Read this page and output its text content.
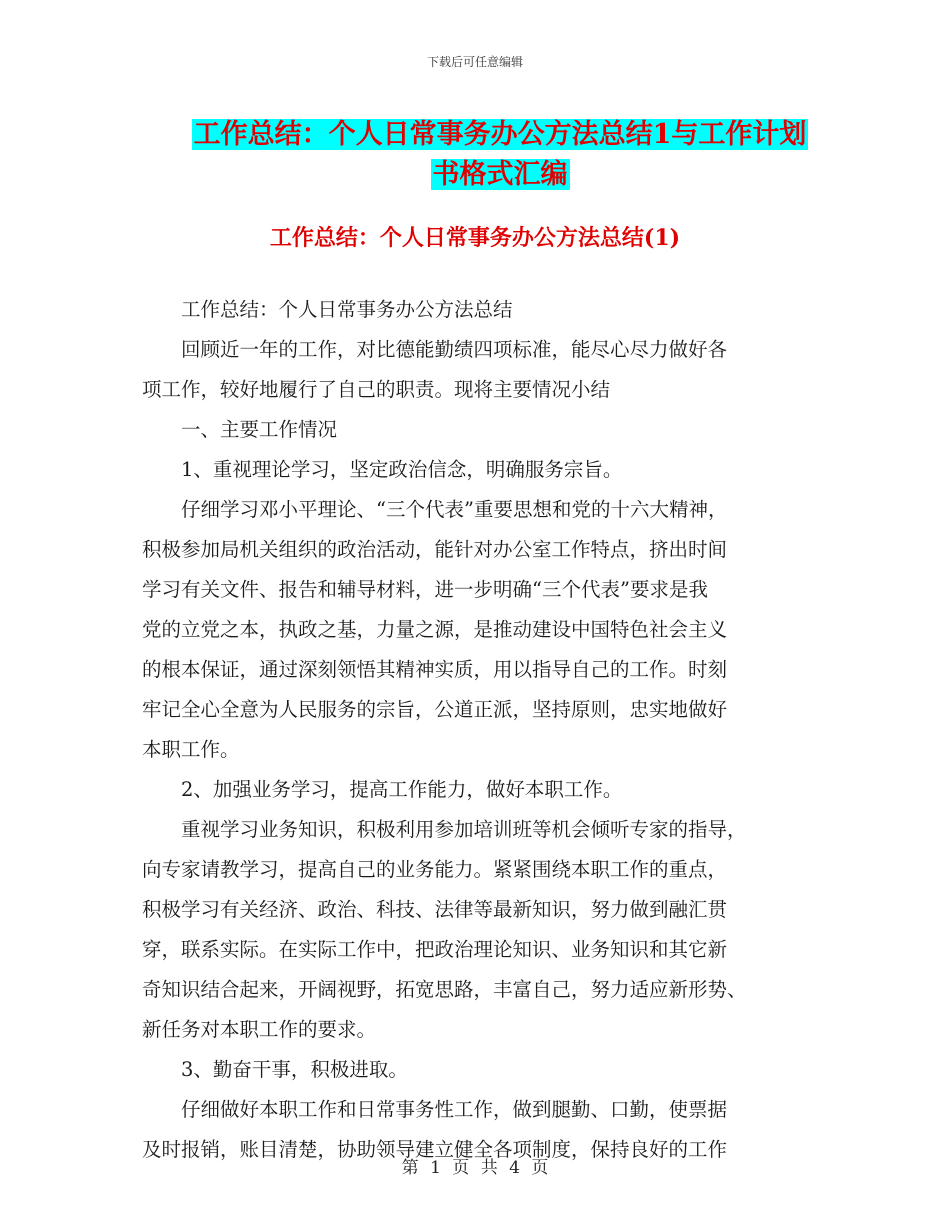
下载后可任意编辑
工作总结：个人日常事务办公方法总结1与工作计划
书格式汇编
工作总结：个人日常事务办公方法总结(1)

工作总结：个人日常事务办公方法总结

回顾近一年的工作，对比德能勤绩四项标准，能尽心尽力做好各

项工作，较好地履行了自己的职责。现将主要情况小结

一、主要工作情况

1、重视理论学习，坚定政治信念，明确服务宗旨。

仔细学习邓小平理论、“三个代表”重要思想和党的十六大精神，

积极参加局机关组织的政治活动，能针对办公室工作特点，挤出时间

学习有关文件、报告和辅导材料，进一步明确“三个代表”要求是我

党的立党之本，执政之基，力量之源，是推动建设中国特色社会主义

的根本保证，通过深刻领悟其精神实质，用以指导自己的工作。时刻

牢记全心全意为人民服务的宗旨，公道正派，坚持原则，忠实地做好

本职工作。

2、加强业务学习，提高工作能力，做好本职工作。

重视学习业务知识，积极利用参加培训班等机会倾听专家的指导，

向专家请教学习，提高自己的业务能力。紧紧围绕本职工作的重点，

积极学习有关经济、政治、科技、法律等最新知识，努力做到融汇贯

穿，联系实际。在实际工作中，把政治理论知识、业务知识和其它新

奇知识结合起来，开阔视野，拓宽思路，丰富自己，努力适应新形势、

新任务对本职工作的要求。

3、勤奋干事，积极进取。

仔细做好本职工作和日常事务性工作，做到腿勤、口勤，使票据

及时报销，账目清楚，协助领导建立健全各项制度，保持良好的工作

第 1 页 共 4 页
